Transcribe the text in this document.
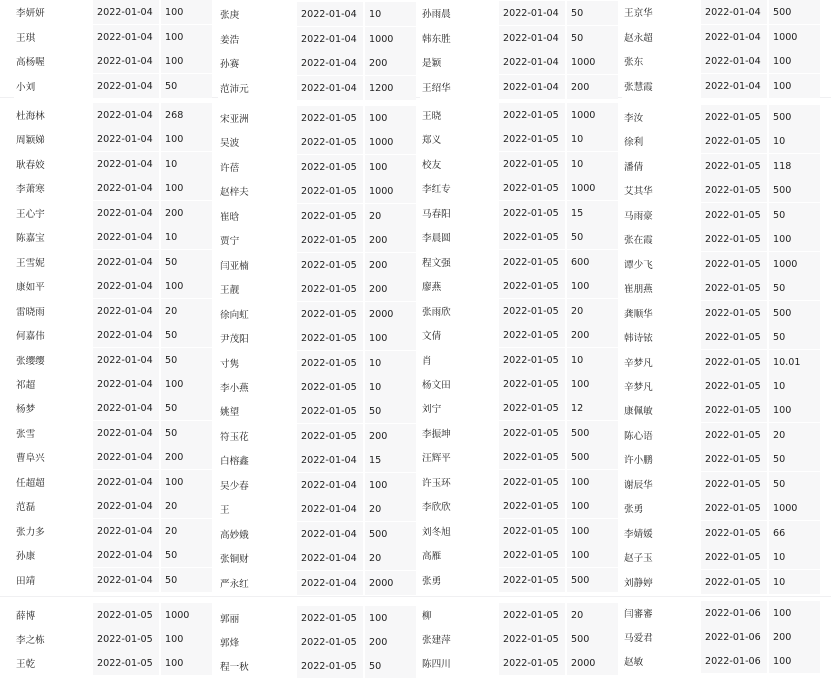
李妍妍	2022-01-04	100
王琪	2022-01-04	100
高杨喔	2022-01-04	100
小刘	2022-01-04	50
张庚	2022-01-04	10
姜浩	2022-01-04	1000
孙赛	2022-01-04	200
范沛元	2022-01-04	1200
孙雨晨	2022-01-04	50
韩东胜	2022-01-04	50
是颖	2022-01-04	1000
王绍华	2022-01-04	200
王京华	2022-01-04	500
赵永超	2022-01-04	1000
张东	2022-01-04	100
张慧霞	2022-01-04	100
杜海林	2022-01-04	268
周颖娣	2022-01-04	100
耿春姣	2022-01-04	10
李萧寒	2022-01-04	100
王心宇	2022-01-04	200
陈嘉宝	2022-01-04	10
王雪妮	2022-01-04	50
康如平	2022-01-04	100
雷晓雨	2022-01-04	20
何嘉伟	2022-01-04	50
张缨缨	2022-01-04	50
祁超	2022-01-04	100
杨梦	2022-01-04	50
张雪	2022-01-04	50
曹阜兴	2022-01-04	200
任超超	2022-01-04	100
范磊	2022-01-04	20
张力多	2022-01-04	20
孙康	2022-01-04	50
田靖	2022-01-04	50
宋亚洲	2022-01-05	100
吴波	2022-01-05	1000
许蓓	2022-01-05	100
赵梓夫	2022-01-05	1000
崔晗	2022-01-05	20
贾宁	2022-01-05	200
闫亚楠	2022-01-05	200
王靓	2022-01-05	200
徐向虹	2022-01-05	2000
尹茂阳	2022-01-05	100
寸隽	2022-01-05	10
李小燕	2022-01-05	10
姚望	2022-01-05	50
符玉花	2022-01-05	200
白榕鑫	2022-01-04	15
吴少春	2022-01-04	100
王	2022-01-04	20
高妙娥	2022-01-04	500
张铜财	2022-01-04	20
严永红	2022-01-04	2000
王晓	2022-01-05	1000
郑义	2022-01-05	10
校友	2022-01-05	10
李红专	2022-01-05	1000
马春阳	2022-01-05	15
李晨圆	2022-01-05	50
程文强	2022-01-05	600
廖燕	2022-01-05	100
张雨欣	2022-01-05	20
文倩	2022-01-05	200
肖	2022-01-05	10
杨文田	2022-01-05	100
刘宁	2022-01-05	12
李振坤	2022-01-05	500
汪辉平	2022-01-05	500
许玉环	2022-01-05	100
李欣欣	2022-01-05	100
刘冬旭	2022-01-05	100
高雁	2022-01-05	100
张勇	2022-01-05	500
李汝	2022-01-05	500
徐利	2022-01-05	10
潘倩	2022-01-05	118
艾其华	2022-01-05	500
马雨豪	2022-01-05	50
张在霞	2022-01-05	100
谭少飞	2022-01-05	1000
崔朋燕	2022-01-05	50
龚顺华	2022-01-05	500
韩诗铱	2022-01-05	50
辛梦凡	2022-01-05	10.01
辛梦凡	2022-01-05	10
康佩敏	2022-01-05	100
陈心语	2022-01-05	20
许小鹏	2022-01-05	50
谢辰华	2022-01-05	50
张勇	2022-01-05	1000
李婧媛	2022-01-05	66
赵子玉	2022-01-05	10
刘静婷	2022-01-05	10
薛博	2022-01-05	1000
李之栋	2022-01-05	100
王乾	2022-01-05	100
郭丽	2022-01-05	100
郭烽	2022-01-05	200
程一秋	2022-01-05	50
柳	2022-01-05	20
张建萍	2022-01-05	500
陈四川	2022-01-05	2000
闫審審	2022-01-06	100
马爱君	2022-01-06	200
赵敏	2022-01-06	100
